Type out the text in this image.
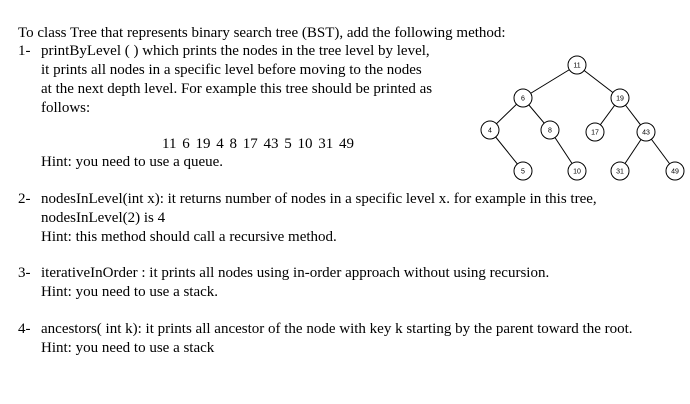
To class Tree that represents binary search tree (BST), add the following method:
1- printByLevel ( ) which prints the nodes in the tree level by level,
it prints all nodes in a specific level before moving to the nodes
at the next depth level. For example this tree should be printed as
follows:
11 6 19 4 8 17 43 5 10 31 49
Hint: you need to use a queue.
11
6	19
4	8	17	43
5	10	31	49
2- nodesInLevel(int x): it returns number of nodes in a specific level x. for example in this tree,
nodesInLevel(2) is 4
Hint: this method should call a recursive method.
3- iterativeInOrder : it prints all nodes using in-order approach without using recursion.
Hint: you need to use a stack.
4- ancestors( int k): it prints all ancestor of the node with key k starting by the parent toward the root.
Hint: you need to use a stack
